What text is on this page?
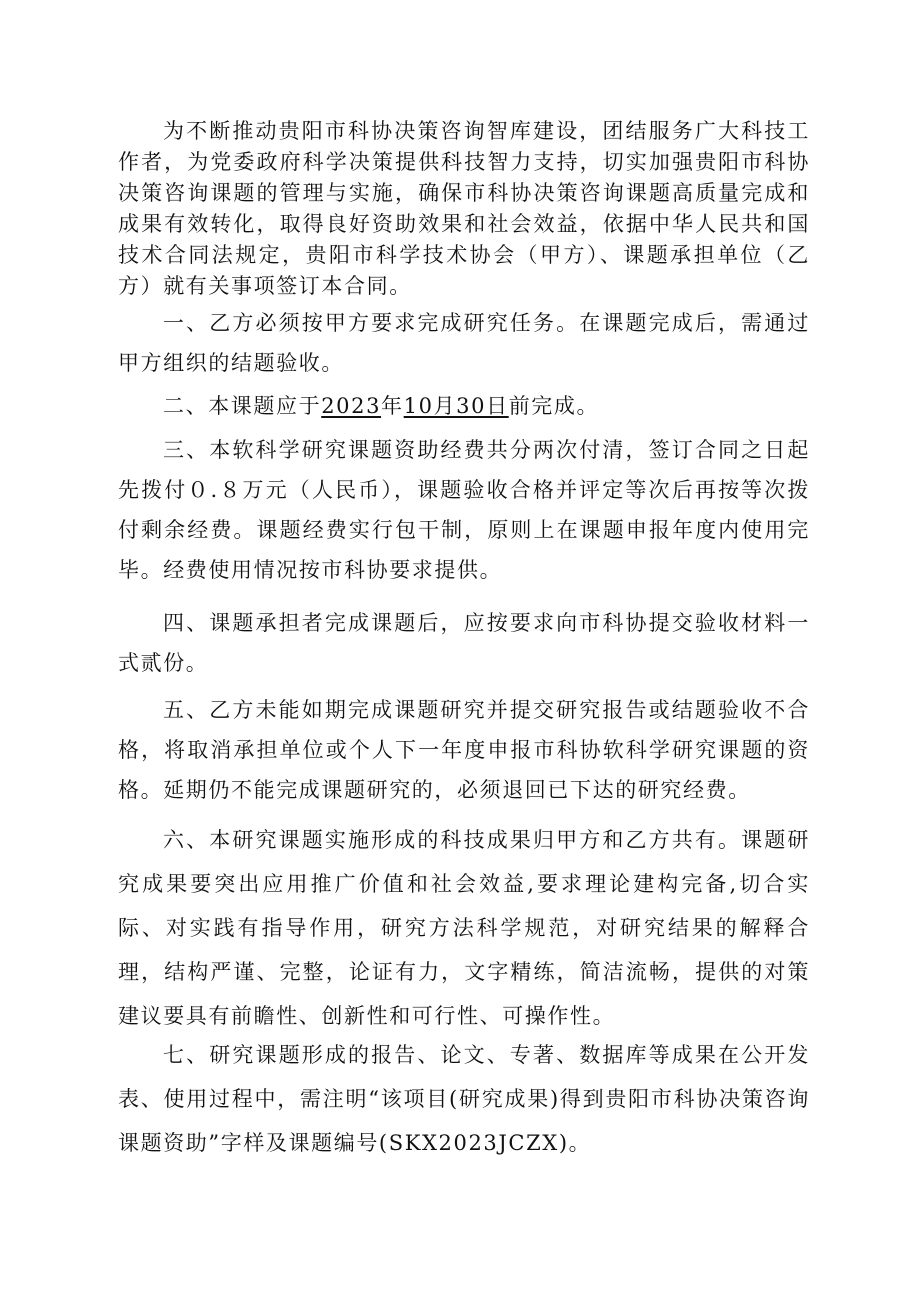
为不断推动贵阳市科协决策咨询智库建设，团结服务广大科技工作者，为党委政府科学决策提供科技智力支持，切实加强贵阳市科协决策咨询课题的管理与实施，确保市科协决策咨询课题高质量完成和成果有效转化，取得良好资助效果和社会效益，依据中华人民共和国技术合同法规定，贵阳市科学技术协会（甲方）、课题承担单位（乙方）就有关事项签订本合同。

一、乙方必须按甲方要求完成研究任务。在课题完成后，需通过甲方组织的结题验收。

二、本课题应于2023年10月30日前完成。

三、本软科学研究课题资助经费共分两次付清，签订合同之日起先拨付０.８万元（人民币），课题验收合格并评定等次后再按等次拨付剩余经费。课题经费实行包干制，原则上在课题申报年度内使用完毕。经费使用情况按市科协要求提供。

四、课题承担者完成课题后，应按要求向市科协提交验收材料一式贰份。

五、乙方未能如期完成课题研究并提交研究报告或结题验收不合格，将取消承担单位或个人下一年度申报市科协软科学研究课题的资格。延期仍不能完成课题研究的，必须退回已下达的研究经费。

六、本研究课题实施形成的科技成果归甲方和乙方共有。课题研究成果要突出应用推广价值和社会效益,要求理论建构完备,切合实际、对实践有指导作用，研究方法科学规范，对研究结果的解释合理，结构严谨、完整，论证有力，文字精练，简洁流畅，提供的对策建议要具有前瞻性、创新性和可行性、可操作性。

七、研究课题形成的报告、论文、专著、数据库等成果在公开发表、使用过程中，需注明“该项目(研究成果)得到贵阳市科协决策咨询课题资助”字样及课题编号(SKX2023JCZX)。
